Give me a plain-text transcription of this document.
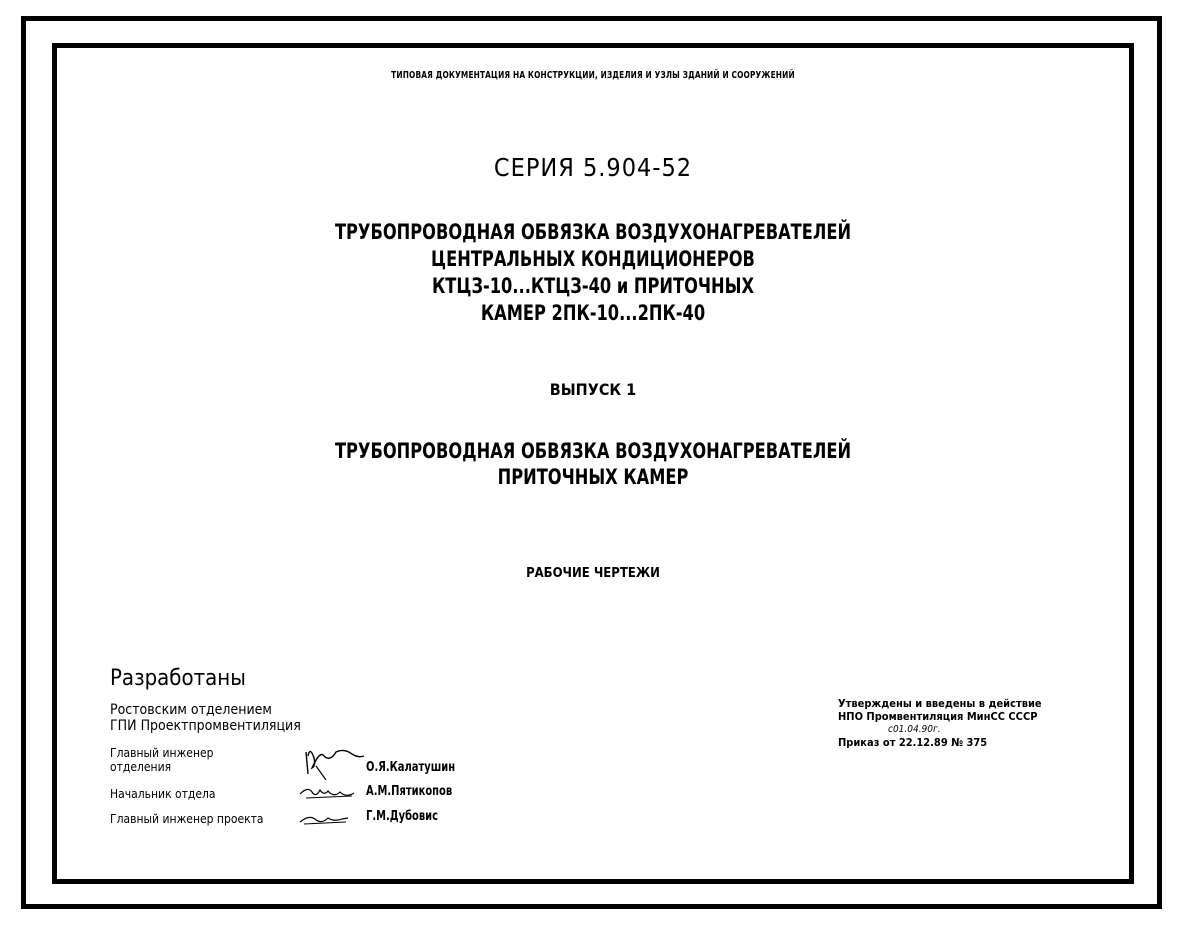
ТИПОВАЯ ДОКУМЕНТАЦИЯ НА КОНСТРУКЦИИ, ИЗДЕЛИЯ И УЗЛЫ ЗДАНИЙ И СООРУЖЕНИЙ
СЕРИЯ 5.904-52
ТРУБОПРОВОДНАЯ ОБВЯЗКА ВОЗДУХОНАГРЕВАТЕЛЕЙ
ЦЕНТРАЛЬНЫХ КОНДИЦИОНЕРОВ
КТЦЗ-10...КТЦЗ-40 и ПРИТОЧНЫХ
КАМЕР 2ПК-10...2ПК-40
ВЫПУСК 1
ТРУБОПРОВОДНАЯ ОБВЯЗКА ВОЗДУХОНАГРЕВАТЕЛЕЙ
ПРИТОЧНЫХ КАМЕР
РАБОЧИЕ ЧЕРТЕЖИ
Разработаны
Ростовским отделением
ГПИ Проектпромвентиляция
Главный инженер
отделения	О.Я.Калатушин
Начальник отдела	А.М.Пятикопов
Главный инженер проекта	Г.М.Дубовис
Утверждены и введены в действие
НПО Промвентиляция МинСС СССР
с01.04.90г.
Приказ от 22.12.89 № 375
